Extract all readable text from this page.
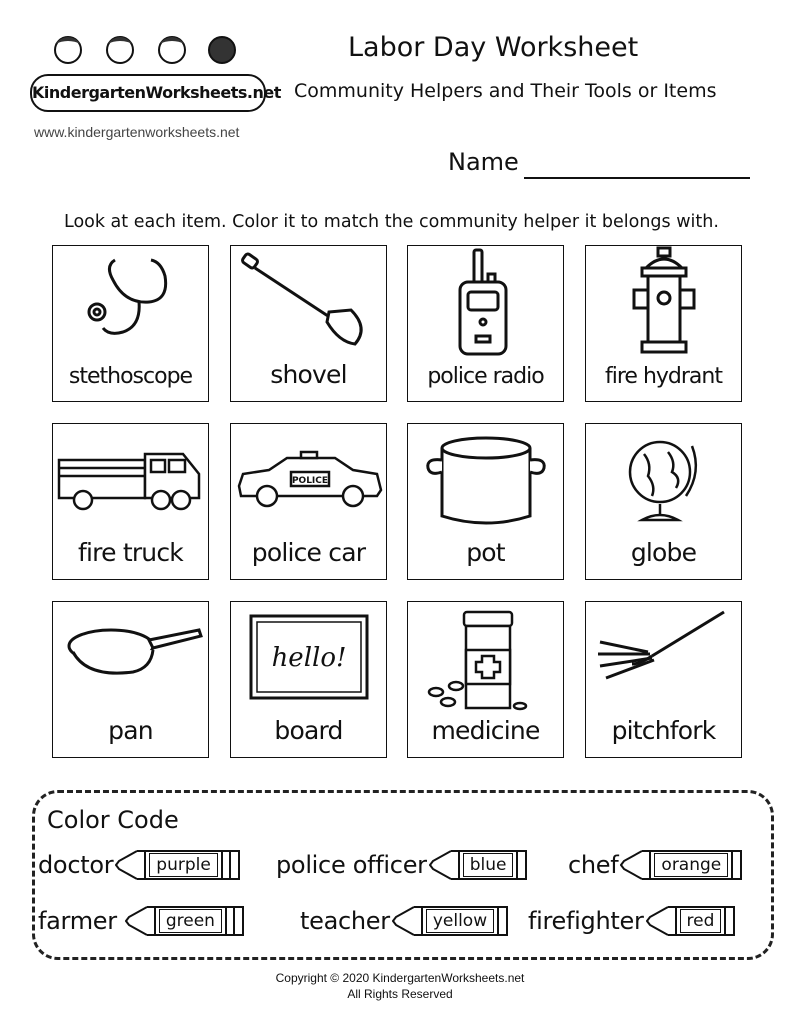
KindergartenWorksheets.net
www.kindergartenworksheets.net
Labor Day Worksheet
Community Helpers and Their Tools or Items
Name
Look at each item. Color it to match the community helper it belongs with.
stethoscope	shovel	police radio	fire hydrant
fire truck
POLICE
police car	pot	globe
pan
hello!
board	medicine	pitchfork
Color Code
doctor	purple	police officer	blue	chef	orange
farmer	green	teacher	yellow firefighter	red
Copyright © 2020 KindergartenWorksheets.net
All Rights Reserved
